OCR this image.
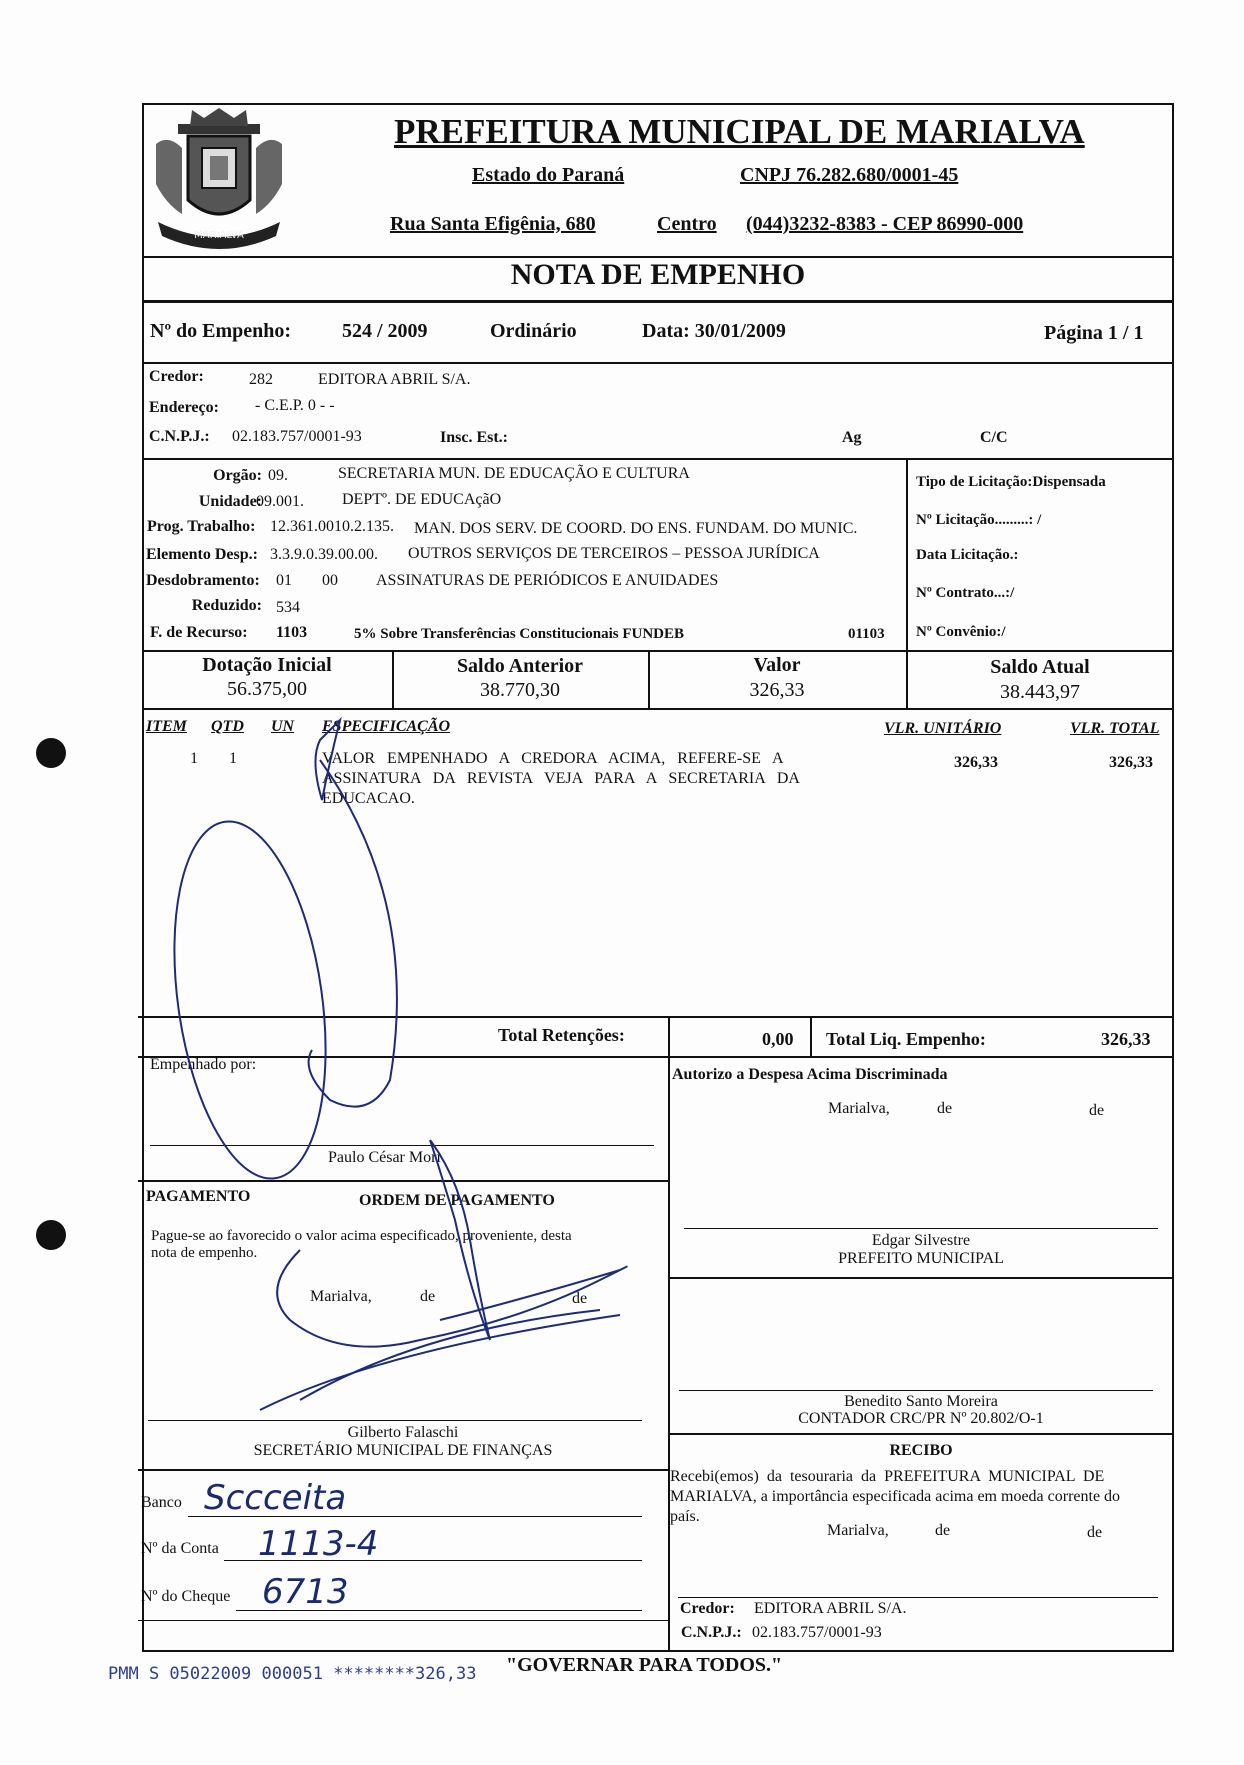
MARIALVA
PREFEITURA MUNICIPAL DE MARIALVA
Estado do Paraná	CNPJ 76.282.680/0001-45
Rua Santa Efigênia, 680	Centro (044)3232-8383 - CEP 86990-000
NOTA DE EMPENHO
Nº do Empenho:	524 / 2009	Ordinário	Data: 30/01/2009	Página 1 / 1
Credor:	282	EDITORA ABRIL S/A.
Endereço: - C.E.P. 0 - -
C.N.P.J.: 02.183.757/0001-93	Insc. Est.:	Ag	C/C
Orgão: 09.	SECRETARIA MUN. DE EDUCAÇÃO E CULTURA
Unidade:
09.001. DEPTº. DE EDUCAçãO
Prog. Trabalho: 12.361.0010.2.135. MAN. DOS SERV. DE COORD. DO ENS. FUNDAM. DO MUNIC.
Elemento Desp.: 3.3.9.0.39.00.00. OUTROS SERVIÇOS DE TERCEIROS – PESSOA JURÍDICA
Desdobramento: 01 00 ASSINATURAS DE PERIÓDICOS E ANUIDADES
Reduzido: 534
F. de Recurso: 1103	5% Sobre Transferências Constitucionais FUNDEB	01103
Tipo de Licitação:Dispensada
Nº Licitação.........: /
Data Licitação.:
Nº Contrato...:/
Nº Convênio:/
Dotação Inicial
56.375,00
Saldo Anterior
38.770,30
Valor
326,33
Saldo Atual
38.443,97
ITEM QTD UN ESPECIFICAÇÃO	VLR. UNITÁRIO	VLR. TOTAL
1 1	VALOR   EMPENHADO   A   CREDORA   ACIMA,   REFERE-SE   A
ASSINATURA   DA   REVISTA   VEJA   PARA   A   SECRETARIA   DA
EDUCACAO.
326,33	326,33
Total Retenções:	0,00 Total Liq. Empenho:	326,33
Empenhado por:
Paulo César Mori
Autorizo a Despesa Acima Discriminada
Marialva,	de	de
Edgar Silvestre
PREFEITO MUNICIPAL
PAGAMENTO	ORDEM DE PAGAMENTO
Pague-se ao favorecido o valor acima especificado, proveniente, desta
nota de empenho.
Marialva,	de	de
Gilberto Falaschi
SECRETÁRIO MUNICIPAL DE FINANÇAS
Benedito Santo Moreira
CONTADOR CRC/PR Nº 20.802/O-1
RECIBO
Recebi(emos)  da  tesouraria  da  PREFEITURA  MUNICIPAL  DE
MARIALVA, a importância especificada acima em moeda corrente do
país.
Marialva,	de	de
Credor: EDITORA ABRIL S/A.
C.N.P.J.: 02.183.757/0001-93
Banco Sccceita
Nº da Conta 1113-4
Nº do Cheque 6713
PMM S 05022009 000051 ********326,33 "GOVERNAR PARA TODOS."
